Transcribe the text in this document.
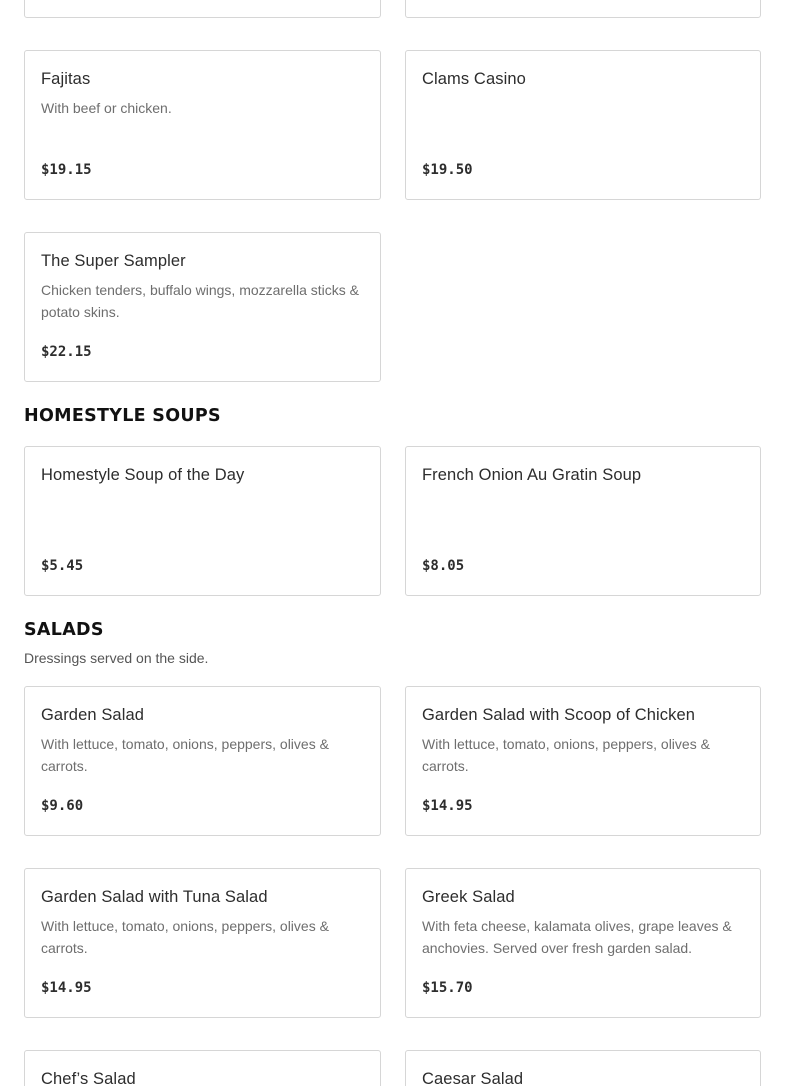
Fajitas
With beef or chicken.
$19.15
Clams Casino
$19.50
The Super Sampler
Chicken tenders, buffalo wings, mozzarella sticks & potato skins.
$22.15
HOMESTYLE SOUPS
Homestyle Soup of the Day
$5.45
French Onion Au Gratin Soup
$8.05
SALADS
Dressings served on the side.
Garden Salad
With lettuce, tomato, onions, peppers, olives & carrots.
$9.60
Garden Salad with Scoop of Chicken
With lettuce, tomato, onions, peppers, olives & carrots.
$14.95
Garden Salad with Tuna Salad
With lettuce, tomato, onions, peppers, olives & carrots.
$14.95
Greek Salad
With feta cheese, kalamata olives, grape leaves & anchovies. Served over fresh garden salad.
$15.70
Chef’s Salad	Caesar Salad
